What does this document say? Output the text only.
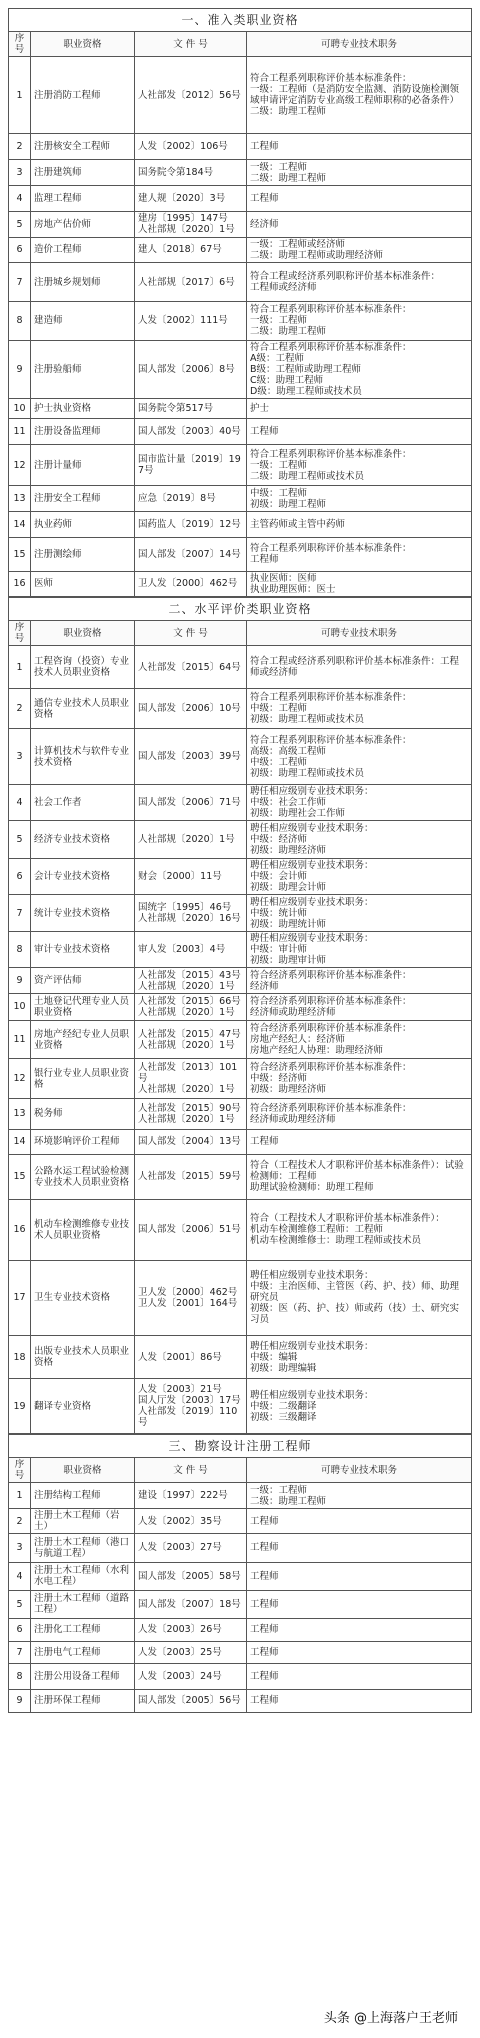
一、准入类职业资格
序号	职业资格	文 件 号	可聘专业技术职务
1	注册消防工程师	人社部发〔2012〕56号	符合工程系列职称评价基本标准条件：
一级：工程师（是消防安全监测、消防设施检测领域申请评定消防专业高级工程师职称的必备条件）
二级：助理工程师
2	注册核安全工程师	人发〔2002〕106号	工程师
3	注册建筑师	国务院令第184号	一级：工程师
二级：助理工程师
4	监理工程师	建人规〔2020〕3号	工程师
5	房地产估价师	建房〔1995〕147号
人社部规〔2020〕1号	经济师
6	造价工程师	建人〔2018〕67号	一级：工程师或经济师
二级：助理工程师或助理经济师
7	注册城乡规划师	人社部规〔2017〕6号	符合工程或经济系列职称评价基本标准条件：
工程师或经济师
8	建造师	人发〔2002〕111号	符合工程系列职称评价基本标准条件：
一级：工程师
二级：助理工程师
9	注册验船师	国人部发〔2006〕8号	符合工程系列职称评价基本标准条件：
A级：工程师
B级：工程师或助理工程师
C级：助理工程师
D级：助理工程师或技术员
10	护士执业资格	国务院令第517号	护士
11	注册设备监理师	国人部发〔2003〕40号	工程师
12	注册计量师	国市监计量〔2019〕197号	符合工程系列职称评价基本标准条件：
一级：工程师
二级：助理工程师或技术员
13	注册安全工程师	应急〔2019〕8号	中级：工程师
初级：助理工程师
14	执业药师	国药监人〔2019〕12号	主管药师或主管中药师
15	注册测绘师	国人部发〔2007〕14号	符合工程系列职称评价基本标准条件：
工程师
16	医师	卫人发〔2000〕462号	执业医师：医师
执业助理医师：医士
二、水平评价类职业资格
序号	职业资格	文 件 号	可聘专业技术职务
1	工程咨询（投资）专业技术人员职业资格	人社部发〔2015〕64号	符合工程或经济系列职称评价基本标准条件：工程师或经济师
2	通信专业技术人员职业资格	国人部发〔2006〕10号	符合工程系列职称评价基本标准条件：
中级：工程师
初级：助理工程师或技术员
3	计算机技术与软件专业技术资格	国人部发〔2003〕39号	符合工程系列职称评价基本标准条件：
高级：高级工程师
中级：工程师
初级：助理工程师或技术员
4	社会工作者	国人部发〔2006〕71号	聘任相应级别专业技术职务：
中级：社会工作师
初级：助理社会工作师
5	经济专业技术资格	人社部规〔2020〕1号	聘任相应级别专业技术职务：
中级：经济师
初级：助理经济师
6	会计专业技术资格	财会〔2000〕11号	聘任相应级别专业技术职务：
中级：会计师
初级：助理会计师
7	统计专业技术资格	国统字〔1995〕46号
人社部规〔2020〕16号	聘任相应级别专业技术职务：
中级：统计师
初级：助理统计师
8	审计专业技术资格	审人发〔2003〕4号	聘任相应级别专业技术职务：
中级：审计师
初级：助理审计师
9	资产评估师	人社部发〔2015〕43号
人社部规〔2020〕1号	符合经济系列职称评价基本标准条件：
经济师
10	土地登记代理专业人员职业资格	人社部发〔2015〕66号
人社部规〔2020〕1号	符合经济系列职称评价基本标准条件：
经济师或助理经济师
11	房地产经纪专业人员职业资格	人社部发〔2015〕47号
人社部规〔2020〕1号	符合经济系列职称评价基本标准条件：
房地产经纪人：经济师
房地产经纪人协理：助理经济师
12	银行业专业人员职业资格	人社部发〔2013〕101号
人社部规〔2020〕1号	符合经济系列职称评价基本标准条件：
中级：经济师
初级：助理经济师
13	税务师	人社部发〔2015〕90号
人社部规〔2020〕1号	符合经济系列职称评价基本标准条件：
经济师或助理经济师
14	环境影响评价工程师	国人部发〔2004〕13号	工程师
15	公路水运工程试验检测专业技术人员职业资格	人社部发〔2015〕59号	符合（工程技术人才职称评价基本标准条件）：试验检测师：工程师
助理试验检测师：助理工程师
16	机动车检测维修专业技术人员职业资格	国人部发〔2006〕51号	符合（工程技术人才职称评价基本标准条件）：
机动车检测维修工程师：工程师
机动车检测维修士：助理工程师或技术员
17	卫生专业技术资格	卫人发〔2000〕462号
卫人发〔2001〕164号	聘任相应级别专业技术职务：
中级：主治医师、主管医（药、护、技）师、助理研究员
初级：医（药、护、技）师或药（技）士、研究实习员
18	出版专业技术人员职业资格	人发〔2001〕86号	聘任相应级别专业技术职务：
中级：编辑
初级：助理编辑
19	翻译专业资格	人发〔2003〕21号
国人厅发〔2003〕17号
人社部发〔2019〕110号	聘任相应级别专业技术职务：
中级：二级翻译
初级：三级翻译
三、勘察设计注册工程师
序号	职业资格	文 件 号	可聘专业技术职务
1	注册结构工程师	建设〔1997〕222号	一级：工程师
二级：助理工程师
2	注册土木工程师（岩土）	人发〔2002〕35号	工程师
3	注册土木工程师（港口与航道工程）	人发〔2003〕27号	工程师
4	注册土木工程师（水利水电工程）	国人部发〔2005〕58号	工程师
5	注册土木工程师（道路工程）	国人部发〔2007〕18号	工程师
6	注册化工工程师	人发〔2003〕26号	工程师
7	注册电气工程师	人发〔2003〕25号	工程师
8	注册公用设备工程师	人发〔2003〕24号	工程师
9	注册环保工程师	国人部发〔2005〕56号	工程师
头条 @上海落户王老师
